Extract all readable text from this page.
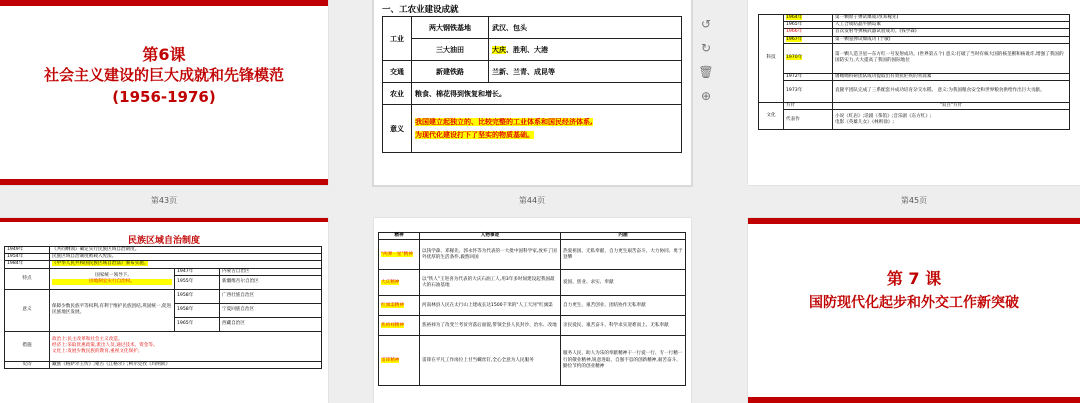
第6课
社会主义建设的巨大成就和先锋模范
(1956-1976)
第43页
一、工农业建设成就
工业	两大钢铁基地	武汉、包头
	三大油田	大庆、胜利、大港
交通	新建铁路	兰新、兰青、成昆等
农业	粮食、棉花得到恢复和增长。	
意义	我国建立起独立的、比较完整的工业体系和国民经济体系,
为现代化建设打下了坚实的物质基础。	
第44页
↺
↻
🗑
⊕
科技	1964年	第一颗原子弹试爆成功(邓稼先)
	1965年	人工合成结晶牛胰岛素
	1966年	首次发射导弹核武器试验成功。(钱学森)
	1967年	第一颗氢弹试爆成功 (于敏)
	1970年	第一颗人造卫星—东方红一号发射成功。(世界第五个) 意义:打破了当时有核大国的核垄断和核讹诈,增强了我国的国防实力,大大提高了我国的国际地位
	1972年	屠呦呦科研团队成功提取出有效抗疟疾的青蒿素
	1973年	袁隆平团队完成了三系配套并成功培育杂交水稻。 意义:为我国粮食安全和世界粮食供给作出巨大贡献。
文化	方针	"双百"方针
	代表作	小说《红岩》;话剧《茶馆》;音乐剧《东方红》;
电影《英雄儿女》《林则徐》;
第45页
民族区域自治制度
1949年	《共同纲领》确定实行民族区域自治制度。		
1954年	民族区域自治制度被载入宪法。		
1984年	《中华人民共和国民族区域自治法》颁布实施。		
特点	国家统一领导下,
因地制宜实行自治权。	1947年	内蒙古自治区
		1955年	新疆维吾尔自治区
意义	保障少数民族平等权利,有利于维护民族团结,巩固统一,促进民族地区发展。	1958年	广西壮族自治区
		1958年	宁夏回族自治区
		1965年	西藏自治区
措施	政治上:民主改革和社会主义改造。
经济上:采取优惠政策,派出人员,通过技术、资金等。
文化上:发展少数民族的教育,重视文化保护。		

史诗	藏族《格萨尔王传》;蒙古《江格尔》;柯尔克孜《玛纳斯》		
精神	人物事迹	内涵
"两弹一星"精神	以钱学森、邓稼先、郭永怀等为代表的一大批中国科学家,放弃了国外优厚的生活条件,毅然回国	热爱祖国、无私奉献、自力更生艰苦奋斗、大力协同、勇于登攀
大庆精神	以"铁人"王进喜为代表的大庆石油工人,用3年多时间建设起我国最大的石油基地	爱国、创业、求实、奉献
红旗渠精神	河南林县人民在太行山上建成长达1500千米的"人工天河"红旗渠	自力更生、艰苦创业、团结协作无私奉献
焦裕禄精神	焦裕禄为了改变兰考贫穷落后面貌,带领全县人民封沙、治水、改地	亲民爱民、艰苦奋斗、科学求实迎难而上、无私奉献
雷锋精神	雷锋在平凡工作岗位上甘当螺丝钉,全心全意为人民服务	服务人民、助人为乐的奉献精神干一行爱一行、专一行精一行的敬业精神,锐意进取、自强不息的创新精神,艰苦奋斗、勤俭节约的创业精神
第 7 课
国防现代化起步和外交工作新突破
